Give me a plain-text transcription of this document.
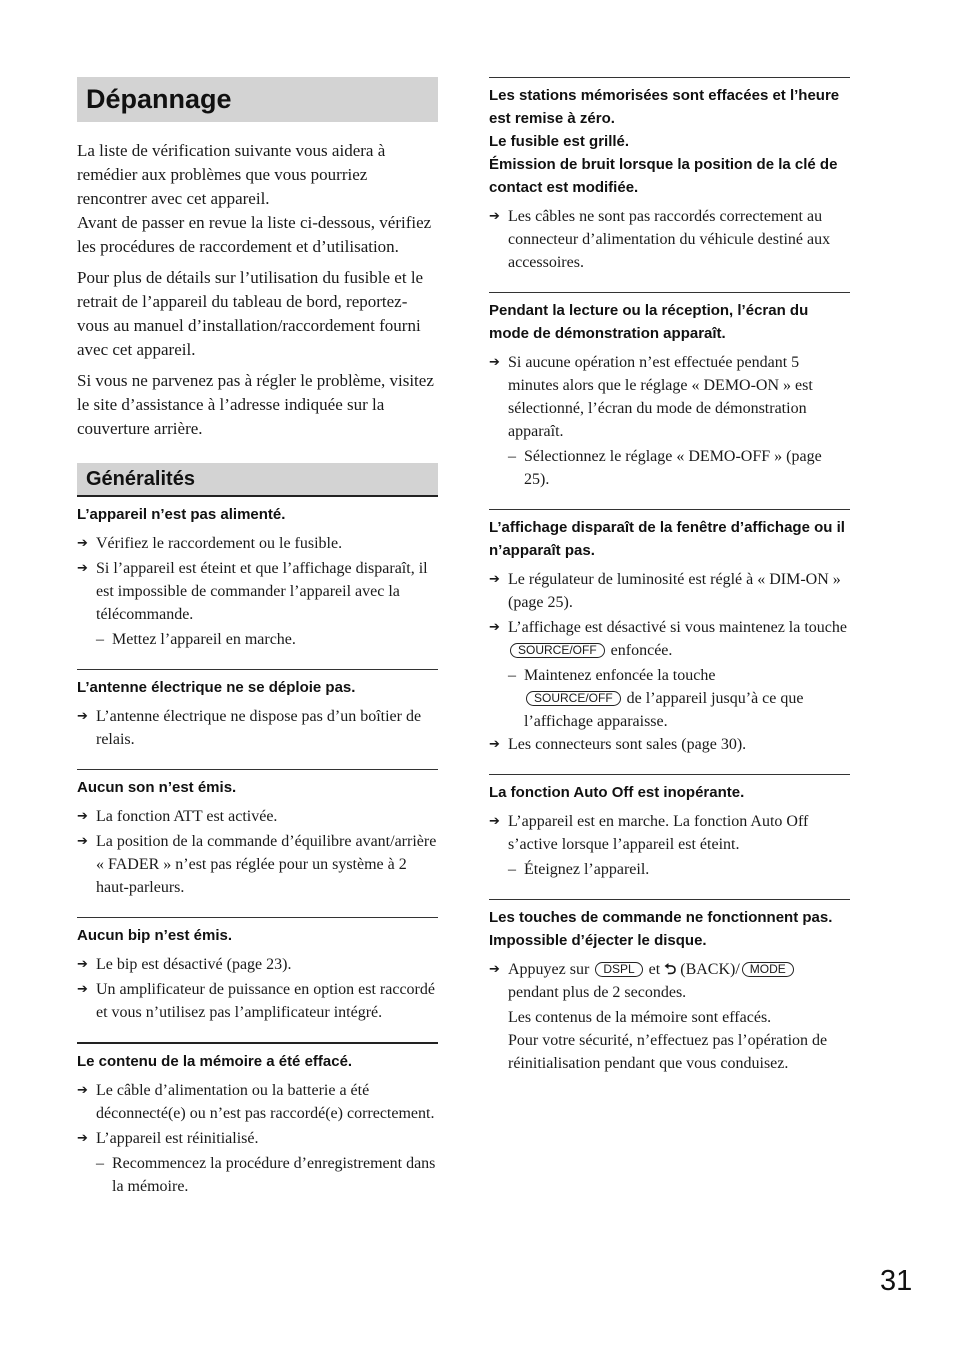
Dépannage

La liste de vérification suivante vous aidera à remédier aux problèmes que vous pourriez rencontrer avec cet appareil.
Avant de passer en revue la liste ci-dessous, vérifiez les procédures de raccordement et d’utilisation.

Pour plus de détails sur l’utilisation du fusible et le retrait de l’appareil du tableau de bord, reportez-vous au manuel d’installation/raccordement fourni avec cet appareil.

Si vous ne parvenez pas à régler le problème, visitez le site d’assistance à l’adresse indiquée sur la couverture arrière.

Généralités
L’appareil n’est pas alimenté.
➔ Vérifiez le raccordement ou le fusible.
➔ Si l’appareil est éteint et que l’affichage disparaît, il est impossible de commander l’appareil avec la télécommande.
– Mettez l’appareil en marche.
L’antenne électrique ne se déploie pas.
➔ L’antenne électrique ne dispose pas d’un boîtier de relais.
Aucun son n’est émis.
➔ La fonction ATT est activée.
➔ La position de la commande d’équilibre avant/arrière « FADER » n’est pas réglée pour un système à 2 haut-parleurs.
Aucun bip n’est émis.
➔ Le bip est désactivé (page 23).
➔ Un amplificateur de puissance en option est raccordé et vous n’utilisez pas l’amplificateur intégré.
Le contenu de la mémoire a été effacé.
➔ Le câble d’alimentation ou la batterie a été déconnecté(e) ou n’est pas raccordé(e) correctement.
➔ L’appareil est réinitialisé.
– Recommencez la procédure d’enregistrement dans la mémoire.
Les stations mémorisées sont effacées et l’heure est remise à zéro.
Le fusible est grillé.
Émission de bruit lorsque la position de la clé de contact est modifiée.
➔ Les câbles ne sont pas raccordés correctement au connecteur d’alimentation du véhicule destiné aux accessoires.
Pendant la lecture ou la réception, l’écran du mode de démonstration apparaît.
➔ Si aucune opération n’est effectuée pendant 5 minutes alors que le réglage « DEMO-ON » est sélectionné, l’écran du mode de démonstration apparaît.
– Sélectionnez le réglage « DEMO-OFF » (page 25).
L’affichage disparaît de la fenêtre d’affichage ou il n’apparaît pas.
➔ Le régulateur de luminosité est réglé à « DIM-ON » (page 25).
➔ L’affichage est désactivé si vous maintenez la touche SOURCE/OFF enfoncée.
– Maintenez enfoncée la touche
SOURCE/OFF de l’appareil jusqu’à ce que l’affichage apparaisse.
➔ Les connecteurs sont sales (page 30).
La fonction Auto Off est inopérante.
➔ L’appareil est en marche. La fonction Auto Off s’active lorsque l’appareil est éteint.
– Éteignez l’appareil.
Les touches de commande ne fonctionnent pas.
Impossible d’éjecter le disque.
➔ Appuyez sur DSPL et ⮌ (BACK)/ MODE pendant plus de 2 secondes.
Les contenus de la mémoire sont effacés.
Pour votre sécurité, n’effectuez pas l’opération de réinitialisation pendant que vous conduisez.
31
